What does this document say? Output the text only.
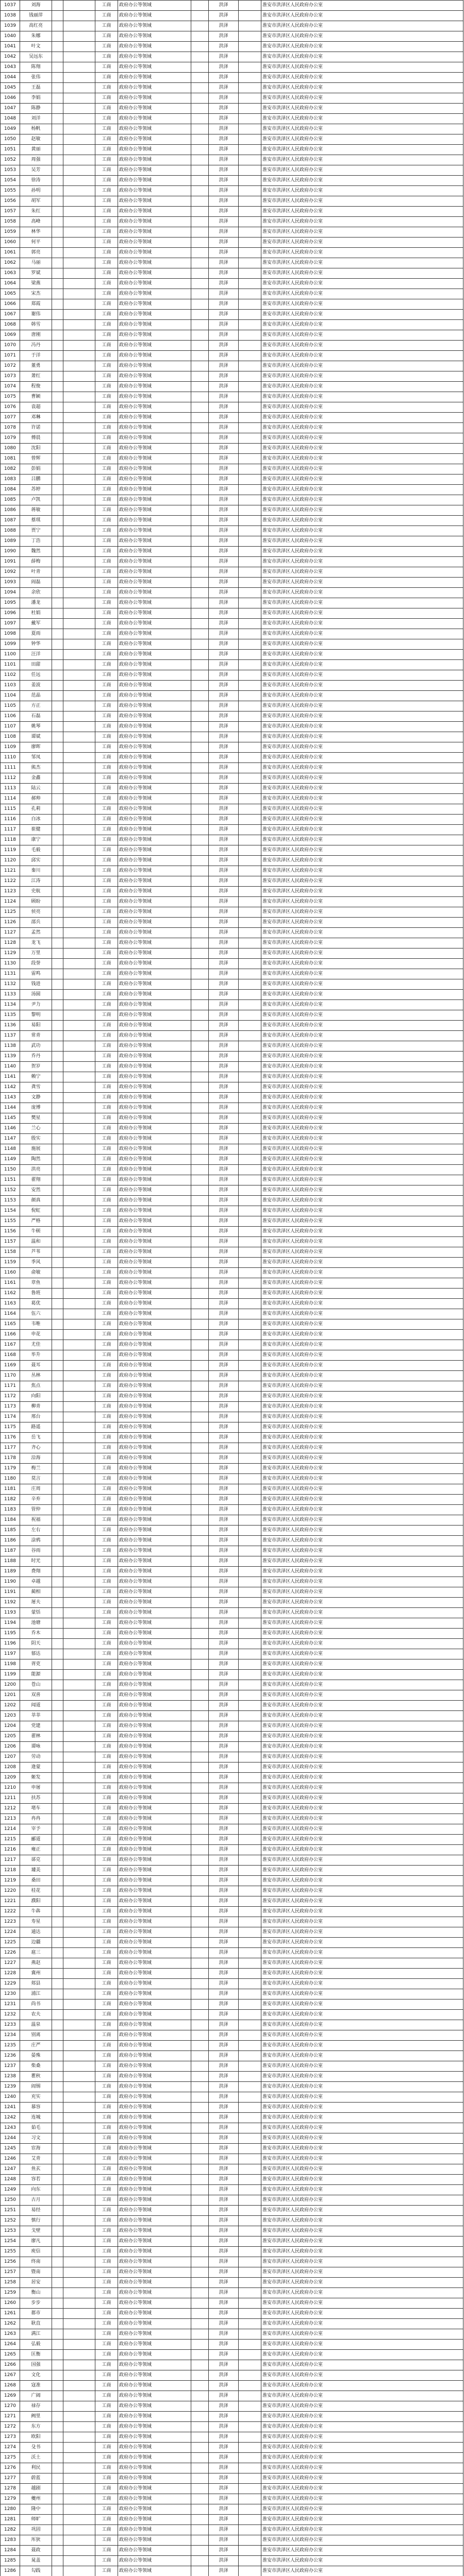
1037	刘海			工商	政府办公等领域		洪泽		淮安市洪泽区人民政府办公室
1038	钱丽萍			工商	政府办公等领域		洪泽		淮安市洪泽区人民政府办公室
1039	高红亮			工商	政府办公等领域		洪泽		淮安市洪泽区人民政府办公室
1040	朱娜			工商	政府办公等领域		洪泽		淮安市洪泽区人民政府办公室
1041	叶文			工商	政府办公等领域		洪泽		淮安市洪泽区人民政府办公室
1042	吴远东			工商	政府办公等领域		洪泽		淮安市洪泽区人民政府办公室
1043	陈翔			工商	政府办公等领域		洪泽		淮安市洪泽区人民政府办公室
1044	张伟			工商	政府办公等领域		洪泽		淮安市洪泽区人民政府办公室
1045	王磊			工商	政府办公等领域		洪泽		淮安市洪泽区人民政府办公室
1046	李娟			工商	政府办公等领域		洪泽		淮安市洪泽区人民政府办公室
1047	陈静			工商	政府办公等领域		洪泽		淮安市洪泽区人民政府办公室
1048	刘洋			工商	政府办公等领域		洪泽		淮安市洪泽区人民政府办公室
1049	杨帆			工商	政府办公等领域		洪泽		淮安市洪泽区人民政府办公室
1050	赵敏			工商	政府办公等领域		洪泽		淮安市洪泽区人民政府办公室
1051	黄丽			工商	政府办公等领域		洪泽		淮安市洪泽区人民政府办公室
1052	周强			工商	政府办公等领域		洪泽		淮安市洪泽区人民政府办公室
1053	吴芳			工商	政府办公等领域		洪泽		淮安市洪泽区人民政府办公室
1054	徐涛			工商	政府办公等领域		洪泽		淮安市洪泽区人民政府办公室
1055	孙明			工商	政府办公等领域		洪泽		淮安市洪泽区人民政府办公室
1056	胡军			工商	政府办公等领域		洪泽		淮安市洪泽区人民政府办公室
1057	朱红			工商	政府办公等领域		洪泽		淮安市洪泽区人民政府办公室
1058	高峰			工商	政府办公等领域		洪泽		淮安市洪泽区人民政府办公室
1059	林华			工商	政府办公等领域		洪泽		淮安市洪泽区人民政府办公室
1060	何平			工商	政府办公等领域		洪泽		淮安市洪泽区人民政府办公室
1061	郭亮			工商	政府办公等领域		洪泽		淮安市洪泽区人民政府办公室
1062	马丽			工商	政府办公等领域		洪泽		淮安市洪泽区人民政府办公室
1063	罗斌			工商	政府办公等领域		洪泽		淮安市洪泽区人民政府办公室
1064	梁燕			工商	政府办公等领域		洪泽		淮安市洪泽区人民政府办公室
1065	宋杰			工商	政府办公等领域		洪泽		淮安市洪泽区人民政府办公室
1066	郑霞			工商	政府办公等领域		洪泽		淮安市洪泽区人民政府办公室
1067	谢伟			工商	政府办公等领域		洪泽		淮安市洪泽区人民政府办公室
1068	韩雪			工商	政府办公等领域		洪泽		淮安市洪泽区人民政府办公室
1069	唐刚			工商	政府办公等领域		洪泽		淮安市洪泽区人民政府办公室
1070	冯丹			工商	政府办公等领域		洪泽		淮安市洪泽区人民政府办公室
1071	于洋			工商	政府办公等领域		洪泽		淮安市洪泽区人民政府办公室
1072	董勇			工商	政府办公等领域		洪泽		淮安市洪泽区人民政府办公室
1073	萧红			工商	政府办公等领域		洪泽		淮安市洪泽区人民政府办公室
1074	程俊			工商	政府办公等领域		洪泽		淮安市洪泽区人民政府办公室
1075	曹颖			工商	政府办公等领域		洪泽		淮安市洪泽区人民政府办公室
1076	袁超			工商	政府办公等领域		洪泽		淮安市洪泽区人民政府办公室
1077	邓琳			工商	政府办公等领域		洪泽		淮安市洪泽区人民政府办公室
1078	许诺			工商	政府办公等领域		洪泽		淮安市洪泽区人民政府办公室
1079	傅晨			工商	政府办公等领域		洪泽		淮安市洪泽区人民政府办公室
1080	沈阳			工商	政府办公等领域		洪泽		淮安市洪泽区人民政府办公室
1081	曾辉			工商	政府办公等领域		洪泽		淮安市洪泽区人民政府办公室
1082	彭娟			工商	政府办公等领域		洪泽		淮安市洪泽区人民政府办公室
1083	吕鹏			工商	政府办公等领域		洪泽		淮安市洪泽区人民政府办公室
1084	苏婷			工商	政府办公等领域		洪泽		淮安市洪泽区人民政府办公室
1085	卢凯			工商	政府办公等领域		洪泽		淮安市洪泽区人民政府办公室
1086	蒋敏			工商	政府办公等领域		洪泽		淮安市洪泽区人民政府办公室
1087	蔡琪			工商	政府办公等领域		洪泽		淮安市洪泽区人民政府办公室
1088	贾宁			工商	政府办公等领域		洪泽		淮安市洪泽区人民政府办公室
1089	丁浩			工商	政府办公等领域		洪泽		淮安市洪泽区人民政府办公室
1090	魏然			工商	政府办公等领域		洪泽		淮安市洪泽区人民政府办公室
1091	薛梅			工商	政府办公等领域		洪泽		淮安市洪泽区人民政府办公室
1092	叶青			工商	政府办公等领域		洪泽		淮安市洪泽区人民政府办公室
1093	阎磊			工商	政府办公等领域		洪泽		淮安市洪泽区人民政府办公室
1094	余欣			工商	政府办公等领域		洪泽		淮安市洪泽区人民政府办公室
1095	潘龙			工商	政府办公等领域		洪泽		淮安市洪泽区人民政府办公室
1096	杜娟			工商	政府办公等领域		洪泽		淮安市洪泽区人民政府办公室
1097	戴军			工商	政府办公等领域		洪泽		淮安市洪泽区人民政府办公室
1098	夏雨			工商	政府办公等领域		洪泽		淮安市洪泽区人民政府办公室
1099	钟华			工商	政府办公等领域		洪泽		淮安市洪泽区人民政府办公室
1100	汪洋			工商	政府办公等领域		洪泽		淮安市洪泽区人民政府办公室
1101	田甜			工商	政府办公等领域		洪泽		淮安市洪泽区人民政府办公室
1102	任远			工商	政府办公等领域		洪泽		淮安市洪泽区人民政府办公室
1103	姜波			工商	政府办公等领域		洪泽		淮安市洪泽区人民政府办公室
1104	范晶			工商	政府办公等领域		洪泽		淮安市洪泽区人民政府办公室
1105	方正			工商	政府办公等领域		洪泽		淮安市洪泽区人民政府办公室
1106	石磊			工商	政府办公等领域		洪泽		淮安市洪泽区人民政府办公室
1107	姚琴			工商	政府办公等领域		洪泽		淮安市洪泽区人民政府办公室
1108	谭斌			工商	政府办公等领域		洪泽		淮安市洪泽区人民政府办公室
1109	廖晖			工商	政府办公等领域		洪泽		淮安市洪泽区人民政府办公室
1110	邹凤			工商	政府办公等领域		洪泽		淮安市洪泽区人民政府办公室
1111	熊杰			工商	政府办公等领域		洪泽		淮安市洪泽区人民政府办公室
1112	金鑫			工商	政府办公等领域		洪泽		淮安市洪泽区人民政府办公室
1113	陆云			工商	政府办公等领域		洪泽		淮安市洪泽区人民政府办公室
1114	郝帅			工商	政府办公等领域		洪泽		淮安市洪泽区人民政府办公室
1115	孔莉			工商	政府办公等领域		洪泽		淮安市洪泽区人民政府办公室
1116	白冰			工商	政府办公等领域		洪泽		淮安市洪泽区人民政府办公室
1117	崔健			工商	政府办公等领域		洪泽		淮安市洪泽区人民政府办公室
1118	康宁			工商	政府办公等领域		洪泽		淮安市洪泽区人民政府办公室
1119	毛毅			工商	政府办公等领域		洪泽		淮安市洪泽区人民政府办公室
1120	邱实			工商	政府办公等领域		洪泽		淮安市洪泽区人民政府办公室
1121	秦川			工商	政府办公等领域		洪泽		淮安市洪泽区人民政府办公室
1122	江涛			工商	政府办公等领域		洪泽		淮安市洪泽区人民政府办公室
1123	史航			工商	政府办公等领域		洪泽		淮安市洪泽区人民政府办公室
1124	顾盼			工商	政府办公等领域		洪泽		淮安市洪泽区人民政府办公室
1125	侯亮			工商	政府办公等领域		洪泽		淮安市洪泽区人民政府办公室
1126	邵兵			工商	政府办公等领域		洪泽		淮安市洪泽区人民政府办公室
1127	孟然			工商	政府办公等领域		洪泽		淮安市洪泽区人民政府办公室
1128	龙飞			工商	政府办公等领域		洪泽		淮安市洪泽区人民政府办公室
1129	万里			工商	政府办公等领域		洪泽		淮安市洪泽区人民政府办公室
1130	段誉			工商	政府办公等领域		洪泽		淮安市洪泽区人民政府办公室
1131	雷鸣			工商	政府办公等领域		洪泽		淮安市洪泽区人民政府办公室
1132	钱进			工商	政府办公等领域		洪泽		淮安市洪泽区人民政府办公室
1133	汤圆			工商	政府办公等领域		洪泽		淮安市洪泽区人民政府办公室
1134	尹力			工商	政府办公等领域		洪泽		淮安市洪泽区人民政府办公室
1135	黎明			工商	政府办公等领域		洪泽		淮安市洪泽区人民政府办公室
1136	易阳			工商	政府办公等领域		洪泽		淮安市洪泽区人民政府办公室
1137	常青			工商	政府办公等领域		洪泽		淮安市洪泽区人民政府办公室
1138	武功			工商	政府办公等领域		洪泽		淮安市洪泽区人民政府办公室
1139	乔丹			工商	政府办公等领域		洪泽		淮安市洪泽区人民政府办公室
1140	贺岁			工商	政府办公等领域		洪泽		淮安市洪泽区人民政府办公室
1141	赖宁			工商	政府办公等领域		洪泽		淮安市洪泽区人民政府办公室
1142	龚雪			工商	政府办公等领域		洪泽		淮安市洪泽区人民政府办公室
1143	文静			工商	政府办公等领域		洪泽		淮安市洪泽区人民政府办公室
1144	庞博			工商	政府办公等领域		洪泽		淮安市洪泽区人民政府办公室
1145	樊星			工商	政府办公等领域		洪泽		淮安市洪泽区人民政府办公室
1146	兰心			工商	政府办公等领域		洪泽		淮安市洪泽区人民政府办公室
1147	殷实			工商	政府办公等领域		洪泽		淮安市洪泽区人民政府办公室
1148	施展			工商	政府办公等领域		洪泽		淮安市洪泽区人民政府办公室
1149	陶然			工商	政府办公等领域		洪泽		淮安市洪泽区人民政府办公室
1150	洪亮			工商	政府办公等领域		洪泽		淮安市洪泽区人民政府办公室
1151	翟翔			工商	政府办公等领域		洪泽		淮安市洪泽区人民政府办公室
1152	安然			工商	政府办公等领域		洪泽		淮安市洪泽区人民政府办公室
1153	颜真			工商	政府办公等领域		洪泽		淮安市洪泽区人民政府办公室
1154	倪虹			工商	政府办公等领域		洪泽		淮安市洪泽区人民政府办公室
1155	严格			工商	政府办公等领域		洪泽		淮安市洪泽区人民政府办公室
1156	牛顿			工商	政府办公等领域		洪泽		淮安市洪泽区人民政府办公室
1157	温和			工商	政府办公等领域		洪泽		淮安市洪泽区人民政府办公室
1158	芦苇			工商	政府办公等领域		洪泽		淮安市洪泽区人民政府办公室
1159	季风			工商	政府办公等领域		洪泽		淮安市洪泽区人民政府办公室
1160	俞敏			工商	政府办公等领域		洪泽		淮安市洪泽区人民政府办公室
1161	章鱼			工商	政府办公等领域		洪泽		淮安市洪泽区人民政府办公室
1162	鲁班			工商	政府办公等领域		洪泽		淮安市洪泽区人民政府办公室
1163	葛优			工商	政府办公等领域		洪泽		淮安市洪泽区人民政府办公室
1164	伍六			工商	政府办公等领域		洪泽		淮安市洪泽区人民政府办公室
1165	韦唯			工商	政府办公等领域		洪泽		淮安市洪泽区人民政府办公室
1166	申花			工商	政府办公等领域		洪泽		淮安市洪泽区人民政府办公室
1167	尤佳			工商	政府办公等领域		洪泽		淮安市洪泽区人民政府办公室
1168	毕升			工商	政府办公等领域		洪泽		淮安市洪泽区人民政府办公室
1169	聂耳			工商	政府办公等领域		洪泽		淮安市洪泽区人民政府办公室
1170	丛林			工商	政府办公等领域		洪泽		淮安市洪泽区人民政府办公室
1171	焦点			工商	政府办公等领域		洪泽		淮安市洪泽区人民政府办公室
1172	向阳			工商	政府办公等领域		洪泽		淮安市洪泽区人民政府办公室
1173	柳青			工商	政府办公等领域		洪泽		淮安市洪泽区人民政府办公室
1174	邢台			工商	政府办公等领域		洪泽		淮安市洪泽区人民政府办公室
1175	路遥			工商	政府办公等领域		洪泽		淮安市洪泽区人民政府办公室
1176	岳飞			工商	政府办公等领域		洪泽		淮安市洪泽区人民政府办公室
1177	齐心			工商	政府办公等领域		洪泽		淮安市洪泽区人民政府办公室
1178	沿海			工商	政府办公等领域		洪泽		淮安市洪泽区人民政府办公室
1179	梅兰			工商	政府办公等领域		洪泽		淮安市洪泽区人民政府办公室
1180	莫言			工商	政府办公等领域		洪泽		淮安市洪泽区人民政府办公室
1181	庄周			工商	政府办公等领域		洪泽		淮安市洪泽区人民政府办公室
1182	辛弃			工商	政府办公等领域		洪泽		淮安市洪泽区人民政府办公室
1183	管仲			工商	政府办公等领域		洪泽		淮安市洪泽区人民政府办公室
1184	祝福			工商	政府办公等领域		洪泽		淮安市洪泽区人民政府办公室
1185	左右			工商	政府办公等领域		洪泽		淮安市洪泽区人民政府办公室
1186	涂鸦			工商	政府办公等领域		洪泽		淮安市洪泽区人民政府办公室
1187	谷雨			工商	政府办公等领域		洪泽		淮安市洪泽区人民政府办公室
1188	时光			工商	政府办公等领域		洪泽		淮安市洪泽区人民政府办公室
1189	费翔			工商	政府办公等领域		洪泽		淮安市洪泽区人民政府办公室
1190	卓越			工商	政府办公等领域		洪泽		淮安市洪泽区人民政府办公室
1191	蔺相			工商	政府办公等领域		洪泽		淮安市洪泽区人民政府办公室
1192	屠夫			工商	政府办公等领域		洪泽		淮安市洪泽区人民政府办公室
1193	蒙恬			工商	政府办公等领域		洪泽		淮安市洪泽区人民政府办公室
1194	池塘			工商	政府办公等领域		洪泽		淮安市洪泽区人民政府办公室
1195	乔木			工商	政府办公等领域		洪泽		淮安市洪泽区人民政府办公室
1196	阴天			工商	政府办公等领域		洪泽		淮安市洪泽区人民政府办公室
1197	郁达			工商	政府办公等领域		洪泽		淮安市洪泽区人民政府办公室
1198	胥吏			工商	政府办公等领域		洪泽		淮安市洪泽区人民政府办公室
1199	能源			工商	政府办公等领域		洪泽		淮安市洪泽区人民政府办公室
1200	苍山			工商	政府办公等领域		洪泽		淮安市洪泽区人民政府办公室
1201	双喜			工商	政府办公等领域		洪泽		淮安市洪泽区人民政府办公室
1202	闻道			工商	政府办公等领域		洪泽		淮安市洪泽区人民政府办公室
1203	莘莘			工商	政府办公等领域		洪泽		淮安市洪泽区人民政府办公室
1204	党建			工商	政府办公等领域		洪泽		淮安市洪泽区人民政府办公室
1205	翟林			工商	政府办公等领域		洪泽		淮安市洪泽区人民政府办公室
1206	谭咏			工商	政府办公等领域		洪泽		淮安市洪泽区人民政府办公室
1207	劳动			工商	政府办公等领域		洪泽		淮安市洪泽区人民政府办公室
1208	逄蒙			工商	政府办公等领域		洪泽		淮安市洪泽区人民政府办公室
1209	姬发			工商	政府办公等领域		洪泽		淮安市洪泽区人民政府办公室
1210	申屠			工商	政府办公等领域		洪泽		淮安市洪泽区人民政府办公室
1211	扶苏			工商	政府办公等领域		洪泽		淮安市洪泽区人民政府办公室
1212	堵车			工商	政府办公等领域		洪泽		淮安市洪泽区人民政府办公室
1213	冉冉			工商	政府办公等领域		洪泽		淮安市洪泽区人民政府办公室
1214	宰予			工商	政府办公等领域		洪泽		淮安市洪泽区人民政府办公室
1215	郦道			工商	政府办公等领域		洪泽		淮安市洪泽区人民政府办公室
1216	雍正			工商	政府办公等领域		洪泽		淮安市洪泽区人民政府办公室
1217	郤克			工商	政府办公等领域		洪泽		淮安市洪泽区人民政府办公室
1218	璩美			工商	政府办公等领域		洪泽		淮安市洪泽区人民政府办公室
1219	桑田			工商	政府办公等领域		洪泽		淮安市洪泽区人民政府办公室
1220	桂花			工商	政府办公等领域		洪泽		淮安市洪泽区人民政府办公室
1221	濮阳			工商	政府办公等领域		洪泽		淮安市洪泽区人民政府办公室
1222	牛犇			工商	政府办公等领域		洪泽		淮安市洪泽区人民政府办公室
1223	寿星			工商	政府办公等领域		洪泽		淮安市洪泽区人民政府办公室
1224	通达			工商	政府办公等领域		洪泽		淮安市洪泽区人民政府办公室
1225	边疆			工商	政府办公等领域		洪泽		淮安市洪泽区人民政府办公室
1226	扈三			工商	政府办公等领域		洪泽		淮安市洪泽区人民政府办公室
1227	燕赵			工商	政府办公等领域		洪泽		淮安市洪泽区人民政府办公室
1228	冀州			工商	政府办公等领域		洪泽		淮安市洪泽区人民政府办公室
1229	郏县			工商	政府办公等领域		洪泽		淮安市洪泽区人民政府办公室
1230	浦江			工商	政府办公等领域		洪泽		淮安市洪泽区人民政府办公室
1231	尚书			工商	政府办公等领域		洪泽		淮安市洪泽区人民政府办公室
1232	农夫			工商	政府办公等领域		洪泽		淮安市洪泽区人民政府办公室
1233	温泉			工商	政府办公等领域		洪泽		淮安市洪泽区人民政府办公室
1234	别离			工商	政府办公等领域		洪泽		淮安市洪泽区人民政府办公室
1235	庄严			工商	政府办公等领域		洪泽		淮安市洪泽区人民政府办公室
1236	晏殊			工商	政府办公等领域		洪泽		淮安市洪泽区人民政府办公室
1237	柴桑			工商	政府办公等领域		洪泽		淮安市洪泽区人民政府办公室
1238	瞿秋			工商	政府办公等领域		洪泽		淮安市洪泽区人民政府办公室
1239	阎锡			工商	政府办公等领域		洪泽		淮安市洪泽区人民政府办公室
1240	充实			工商	政府办公等领域		洪泽		淮安市洪泽区人民政府办公室
1241	慕容			工商	政府办公等领域		洪泽		淮安市洪泽区人民政府办公室
1242	连城			工商	政府办公等领域		洪泽		淮安市洪泽区人民政府办公室
1243	茹毛			工商	政府办公等领域		洪泽		淮安市洪泽区人民政府办公室
1244	习文			工商	政府办公等领域		洪泽		淮安市洪泽区人民政府办公室
1245	宦海			工商	政府办公等领域		洪泽		淮安市洪泽区人民政府办公室
1246	艾青			工商	政府办公等领域		洪泽		淮安市洪泽区人民政府办公室
1247	鱼玄			工商	政府办公等领域		洪泽		淮安市洪泽区人民政府办公室
1248	容若			工商	政府办公等领域		洪泽		淮安市洪泽区人民政府办公室
1249	向东			工商	政府办公等领域		洪泽		淮安市洪泽区人民政府办公室
1250	古月			工商	政府办公等领域		洪泽		淮安市洪泽区人民政府办公室
1251	易经			工商	政府办公等领域		洪泽		淮安市洪泽区人民政府办公室
1252	慎行			工商	政府办公等领域		洪泽		淮安市洪泽区人民政府办公室
1253	戈壁			工商	政府办公等领域		洪泽		淮安市洪泽区人民政府办公室
1254	廖凡			工商	政府办公等领域		洪泽		淮安市洪泽区人民政府办公室
1255	庾信			工商	政府办公等领域		洪泽		淮安市洪泽区人民政府办公室
1256	终南			工商	政府办公等领域		洪泽		淮安市洪泽区人民政府办公室
1257	暨南			工商	政府办公等领域		洪泽		淮安市洪泽区人民政府办公室
1258	居安			工商	政府办公等领域		洪泽		淮安市洪泽区人民政府办公室
1259	衡山			工商	政府办公等领域		洪泽		淮安市洪泽区人民政府办公室
1260	步步			工商	政府办公等领域		洪泽		淮安市洪泽区人民政府办公室
1261	都市			工商	政府办公等领域		洪泽		淮安市洪泽区人民政府办公室
1262	耿直			工商	政府办公等领域		洪泽		淮安市洪泽区人民政府办公室
1263	满江			工商	政府办公等领域		洪泽		淮安市洪泽区人民政府办公室
1264	弘毅			工商	政府办公等领域		洪泽		淮安市洪泽区人民政府办公室
1265	匡衡			工商	政府办公等领域		洪泽		淮安市洪泽区人民政府办公室
1266	国强			工商	政府办公等领域		洪泽		淮安市洪泽区人民政府办公室
1267	文化			工商	政府办公等领域		洪泽		淮安市洪泽区人民政府办公室
1268	寇准			工商	政府办公等领域		洪泽		淮安市洪泽区人民政府办公室
1269	广阔			工商	政府办公等领域		洪泽		淮安市洪泽区人民政府办公室
1270	禄存			工商	政府办公等领域		洪泽		淮安市洪泽区人民政府办公室
1271	阙里			工商	政府办公等领域		洪泽		淮安市洪泽区人民政府办公室
1272	东方			工商	政府办公等领域		洪泽		淮安市洪泽区人民政府办公室
1273	欧阳			工商	政府办公等领域		洪泽		淮安市洪泽区人民政府办公室
1274	殳书			工商	政府办公等领域		洪泽		淮安市洪泽区人民政府办公室
1275	沃土			工商	政府办公等领域		洪泽		淮安市洪泽区人民政府办公室
1276	利民			工商	政府办公等领域		洪泽		淮安市洪泽区人民政府办公室
1277	蔚蓝			工商	政府办公等领域		洪泽		淮安市洪泽区人民政府办公室
1278	越剧			工商	政府办公等领域		洪泽		淮安市洪泽区人民政府办公室
1279	夔州			工商	政府办公等领域		洪泽		淮安市洪泽区人民政府办公室
1280	隆中			工商	政府办公等领域		洪泽		淮安市洪泽区人民政府办公室
1281	师旷			工商	政府办公等领域		洪泽		淮安市洪泽区人民政府办公室
1282	巩固			工商	政府办公等领域		洪泽		淮安市洪泽区人民政府办公室
1283	厍狄			工商	政府办公等领域		洪泽		淮安市洪泽区人民政府办公室
1284	聂政			工商	政府办公等领域		洪泽		淮安市洪泽区人民政府办公室
1285	晁盖			工商	政府办公等领域		洪泽		淮安市洪泽区人民政府办公室
1286	勾践			工商	政府办公等领域		洪泽		淮安市洪泽区人民政府办公室
